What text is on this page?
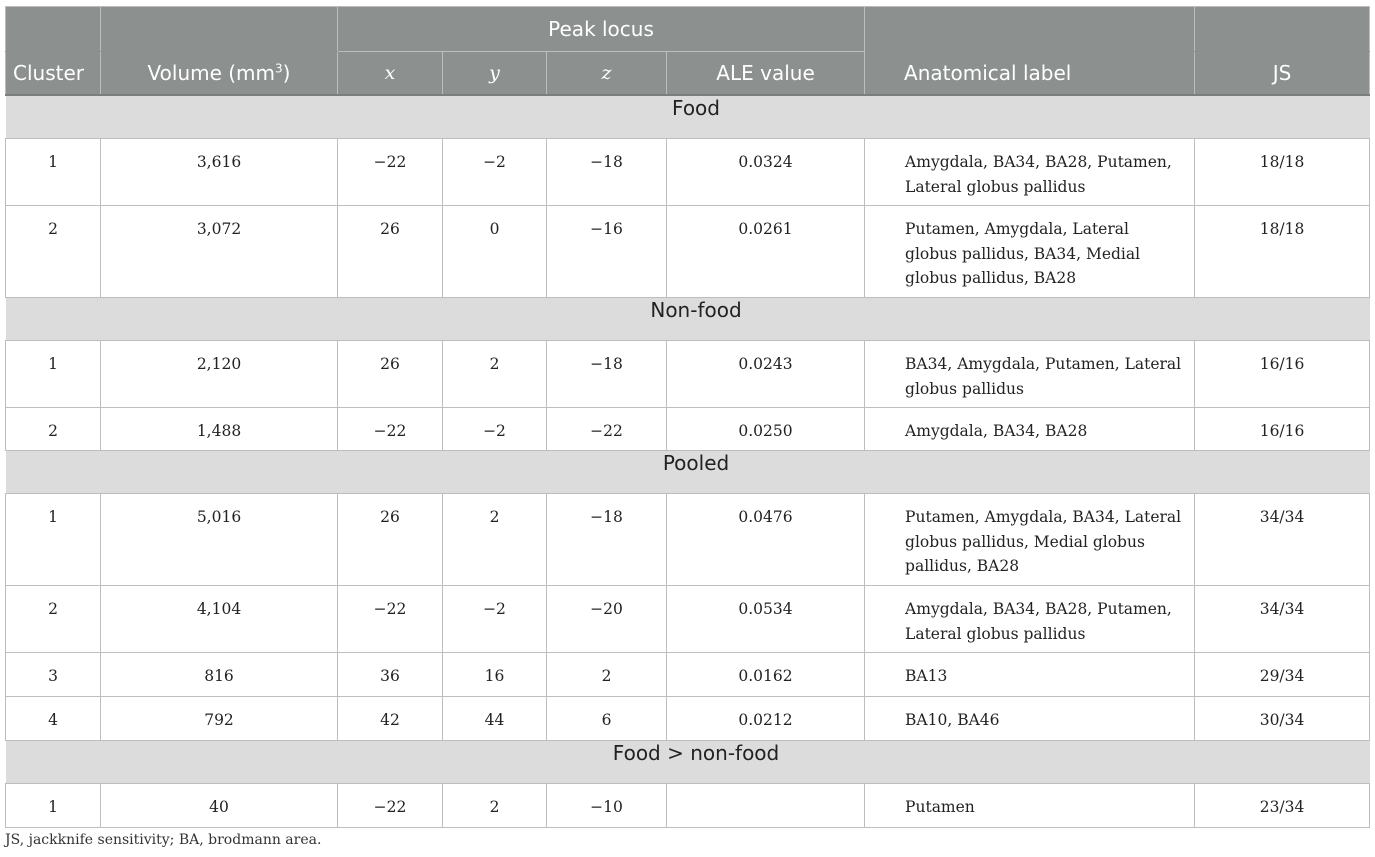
		Peak locus					
Cluster	Volume $(mm^3)$	x	y	z	ALE value	Anatomical label	JS
Food							
1	3,616	−22	−2	−18	0.0324	Amygdala, BA34, BA28, Putamen, Lateral globus pallidus	18/18
2	3,072	26	0	−16	0.0261	Putamen, Amygdala, Lateral globus pallidus, BA34, Medial globus pallidus, BA28	18/18
Non-food							
1	2,120	26	2	−18	0.0243	BA34, Amygdala, Putamen, Lateral globus pallidus	16/16
2	1,488	−22	−2	−22	0.0250	Amygdala, BA34, BA28	16/16
Pooled							
1	5,016	26	2	−18	0.0476	Putamen, Amygdala, BA34, Lateral globus pallidus, Medial globus pallidus, BA28	34/34
2	4,104	−22	−2	−20	0.0534	Amygdala, BA34, BA28, Putamen, Lateral globus pallidus	34/34
3	816	36	16	2	0.0162	BA13	29/34
4	792	42	44	6	0.0212	BA10, BA46	30/34
Food > non-food							
1	40	−22	2	−10		Putamen	23/34
JS, jackknife sensitivity; BA, brodmann area.
